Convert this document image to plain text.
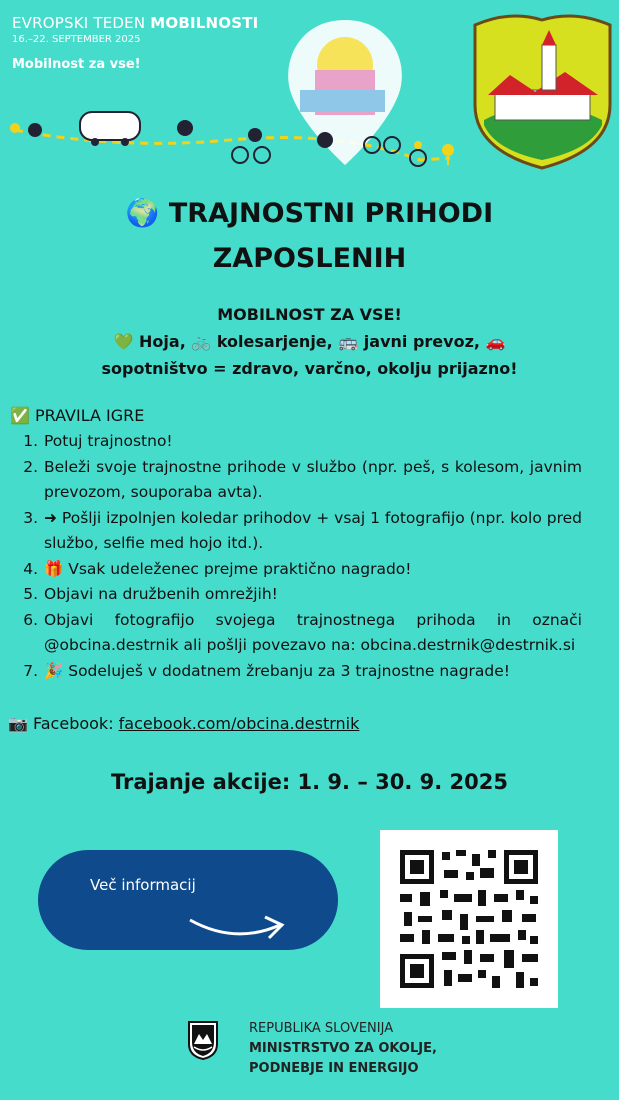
EVROPSKI TEDEN MOBILNOSTI
16.–22. SEPTEMBER 2025
Mobilnost za vse!
🌍 TRAJNOSTNI PRIHODI
ZAPOSLENIH
MOBILNOST ZA VSE!
💚 Hoja, 🚲 kolesarjenje, 🚌 javni prevoz, 🚗
sopotništvo = zdravo, varčno, okolju prijazno!
✅ PRAVILA IGRE
1. Potuj trajnostno!
2. Beleži svoje trajnostne prihode v službo (npr. peš, s kolesom, javnim prevozom, souporaba avta).
3. ➜ Pošlji izpolnjen koledar prihodov + vsaj 1 fotografijo (npr. kolo pred službo, selfie med hojo itd.).
4. 🎁 Vsak udeleženec prejme praktično nagrado!
5. Objavi na družbenih omrežjih!
6. Objavi fotografijo svojega trajnostnega prihoda in označi @obcina.destrnik ali pošlji povezavo na: obcina.destrnik@destrnik.si
7. 🎉 Sodeluješ v dodatnem žrebanju za 3 trajnostne nagrade!
📷 Facebook: facebook.com/obcina.destrnik
Trajanje akcije: 1. 9. – 30. 9. 2025
Več informacij
REPUBLIKA SLOVENIJA
MINISTRSTVO ZA OKOLJE,
PODNEBJE IN ENERGIJO
